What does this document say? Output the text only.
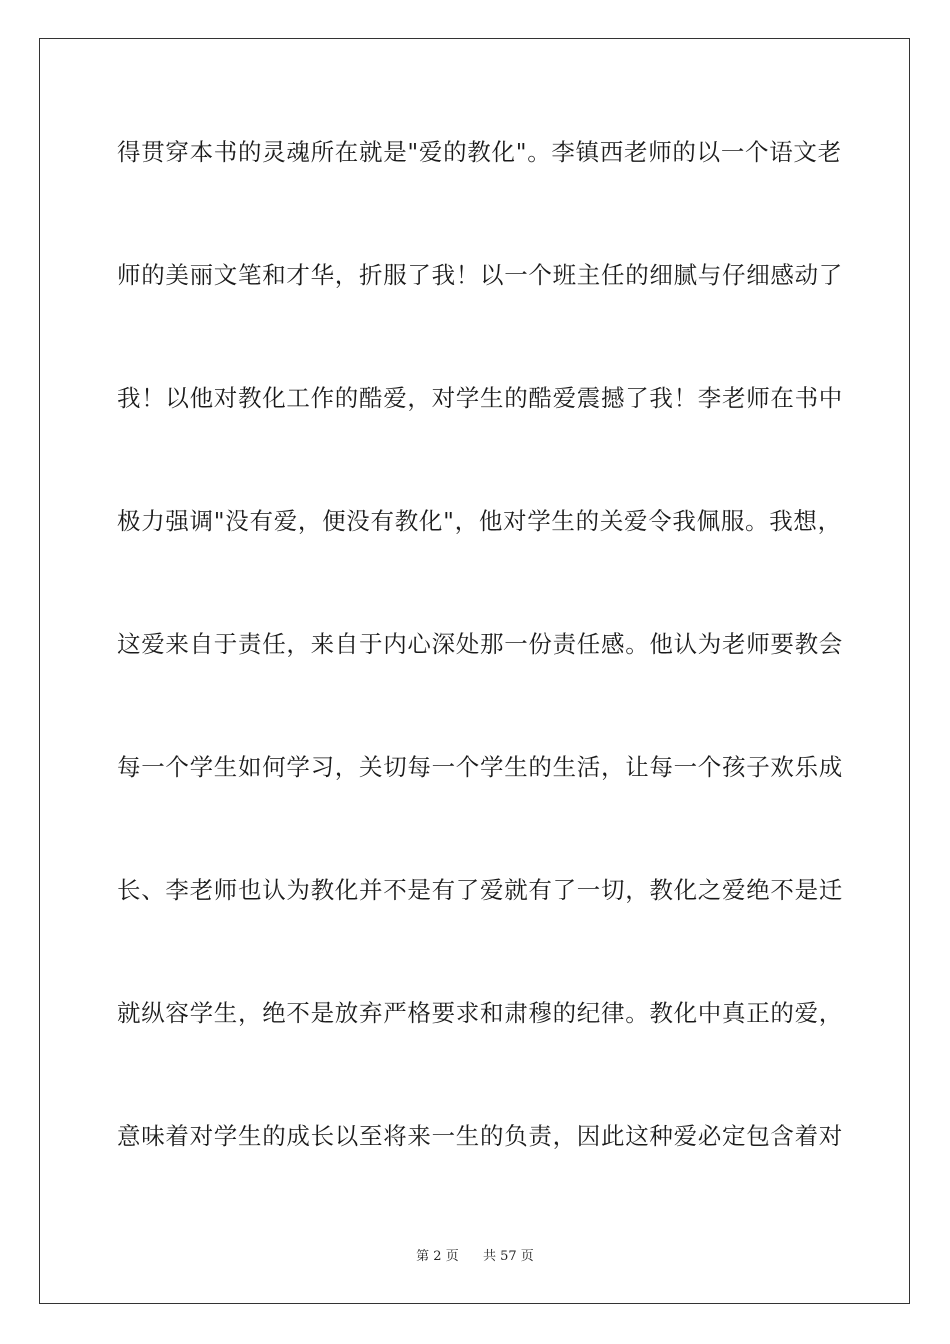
得贯穿本书的灵魂所在就是"爱的教化"。李镇西老师的以一个语文老
师的美丽文笔和才华，折服了我！以一个班主任的细腻与仔细感动了
我！以他对教化工作的酷爱，对学生的酷爱震撼了我！李老师在书中
极力强调"没有爱，便没有教化"，他对学生的关爱令我佩服。我想，
这爱来自于责任，来自于内心深处那一份责任感。他认为老师要教会
每一个学生如何学习，关切每一个学生的生活，让每一个孩子欢乐成
长、李老师也认为教化并不是有了爱就有了一切，教化之爱绝不是迁
就纵容学生，绝不是放弃严格要求和肃穆的纪律。教化中真正的爱，
意味着对学生的成长以至将来一生的负责，因此这种爱必定包含着对
第 2 页 共 57 页
